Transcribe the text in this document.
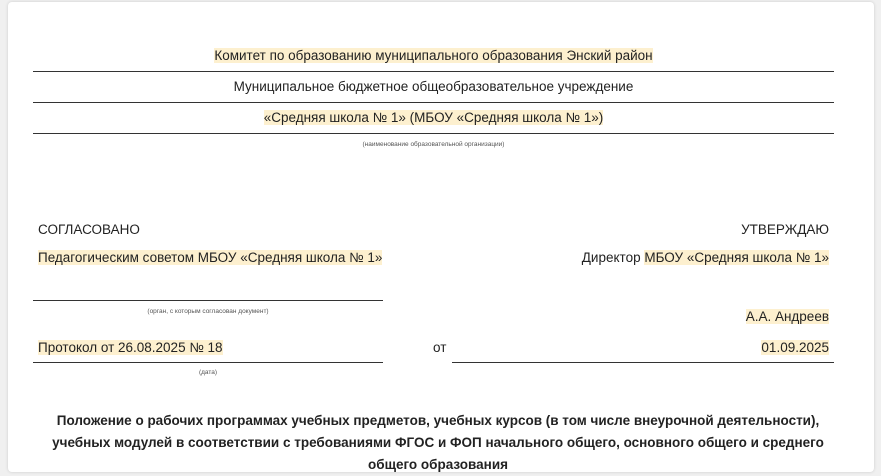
Комитет по образованию муниципального образования Энский район
Муниципальное бюджетное общеобразовательное учреждение
«Средняя школа № 1» (МБОУ «Средняя школа № 1»)
(наименование образовательной организации)
СОГЛАСОВАНО	УТВЕРЖДАЮ
Педагогическим советом МБОУ «Средняя школа № 1»
(орган, с которым согласован документ)
Директор МБОУ «Средняя школа № 1»
А.А. Андреев
Протокол от 26.08.2025 № 18
(дата)
от	01.09.2025
Положение о рабочих программах учебных предметов, учебных курсов (в том числе внеурочной деятельности), учебных модулей в соответствии с требованиями ФГОС и ФОП начального общего, основного общего и среднего общего образования
